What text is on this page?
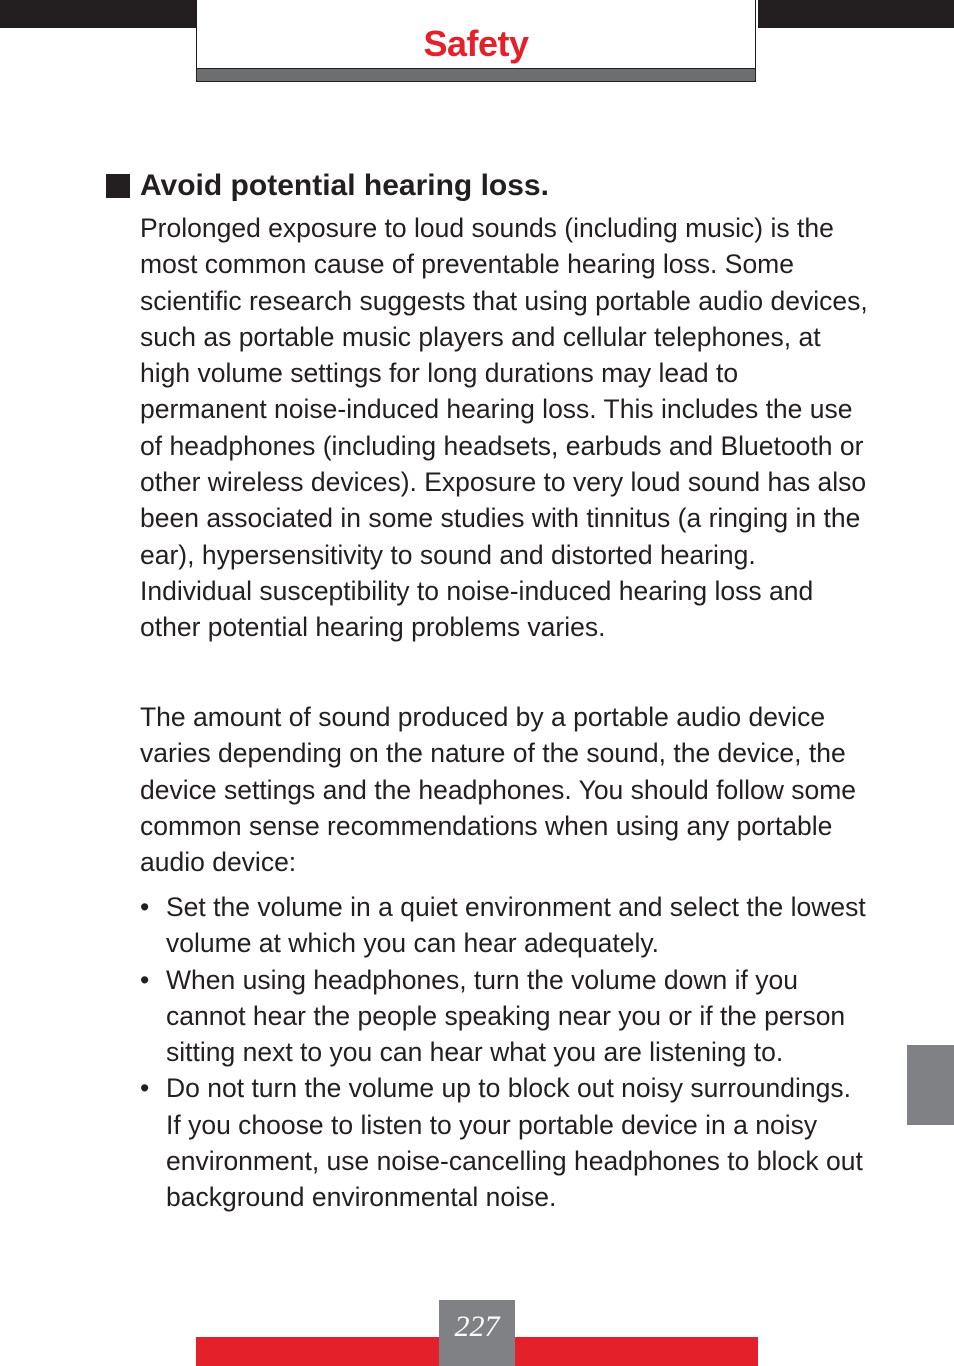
Safety
Avoid potential hearing loss.

Prolonged exposure to loud sounds (including music) is the most common cause of preventable hearing loss. Some scientific research suggests that using portable audio devices, such as portable music players and cellular telephones, at high volume settings for long durations may lead to permanent noise-induced hearing loss. This includes the use of headphones (including headsets, earbuds and Bluetooth or other wireless devices). Exposure to very loud sound has also been associated in some studies with tinnitus (a ringing in the ear), hypersensitivity to sound and distorted hearing. Individual susceptibility to noise-induced hearing loss and other potential hearing problems varies.

The amount of sound produced by a portable audio device varies depending on the nature of the sound, the device, the device settings and the headphones. You should follow some common sense recommendations when using any portable audio device:

• Set the volume in a quiet environment and select the lowest volume at which you can hear adequately.
• When using headphones, turn the volume down if you cannot hear the people speaking near you or if the person sitting next to you can hear what you are listening to.
• Do not turn the volume up to block out noisy surroundings. If you choose to listen to your portable device in a noisy environment, use noise-cancelling headphones to block out background environmental noise.
227
